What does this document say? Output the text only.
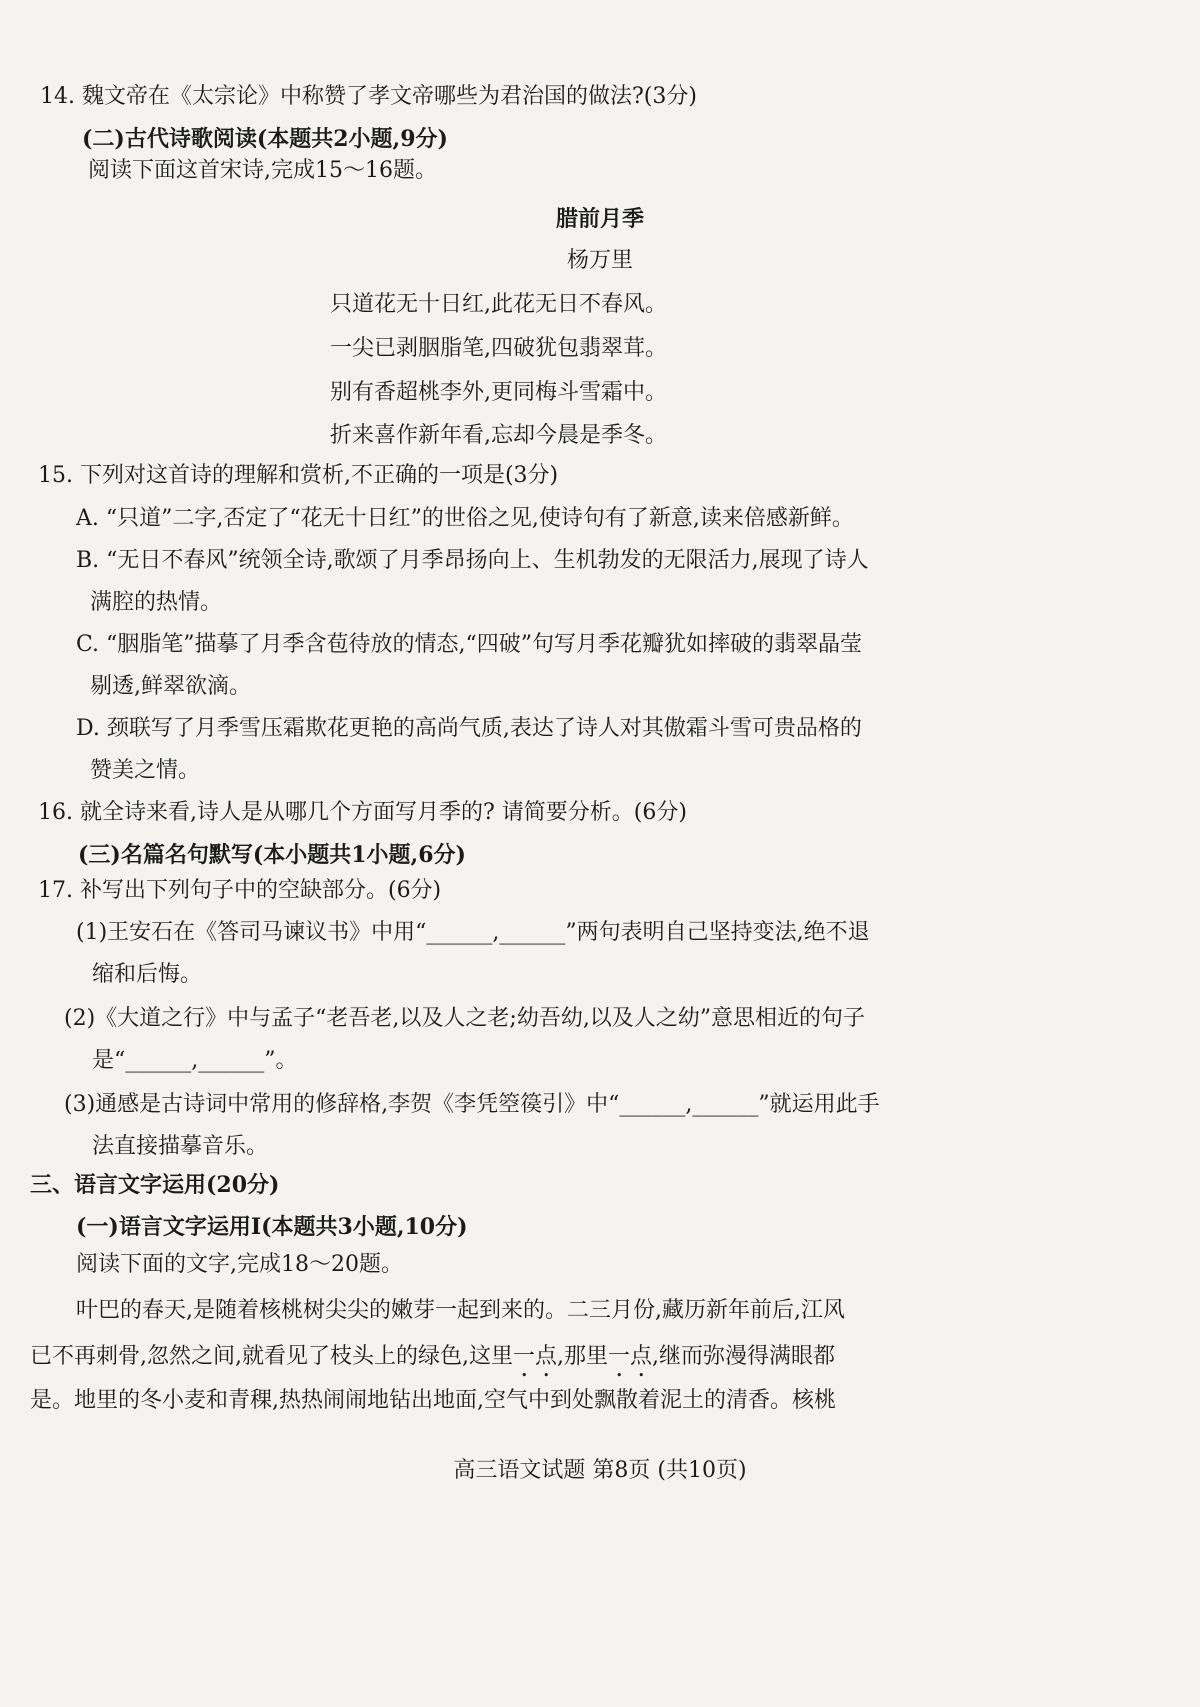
14. 魏文帝在《太宗论》中称赞了孝文帝哪些为君治国的做法?(3分)
(二)古代诗歌阅读(本题共2小题,9分)
阅读下面这首宋诗,完成15～16题。
腊前月季
杨万里
只道花无十日红,此花无日不春风。
一尖已剥胭脂笔,四破犹包翡翠茸。
别有香超桃李外,更同梅斗雪霜中。
折来喜作新年看,忘却今晨是季冬。
15. 下列对这首诗的理解和赏析,不正确的一项是(3分)
A. “只道”二字,否定了“花无十日红”的世俗之见,使诗句有了新意,读来倍感新鲜。
B. “无日不春风”统领全诗,歌颂了月季昂扬向上、生机勃发的无限活力,展现了诗人
满腔的热情。
C. “胭脂笔”描摹了月季含苞待放的情态,“四破”句写月季花瓣犹如摔破的翡翠晶莹
剔透,鲜翠欲滴。
D. 颈联写了月季雪压霜欺花更艳的高尚气质,表达了诗人对其傲霜斗雪可贵品格的
赞美之情。
16. 就全诗来看,诗人是从哪几个方面写月季的? 请简要分析。(6分)
(三)名篇名句默写(本小题共1小题,6分)
17. 补写出下列句子中的空缺部分。(6分)
(1)王安石在《答司马谏议书》中用“______,______”两句表明自己坚持变法,绝不退
缩和后悔。
(2)《大道之行》中与孟子“老吾老,以及人之老;幼吾幼,以及人之幼”意思相近的句子
是“______,______”。
(3)通感是古诗词中常用的修辞格,李贺《李凭箜篌引》中“______,______”就运用此手
法直接描摹音乐。
三、语言文字运用(20分)
(一)语言文字运用Ⅰ(本题共3小题,10分)
阅读下面的文字,完成18～20题。
叶巴的春天,是随着核桃树尖尖的嫩芽一起到来的。二三月份,藏历新年前后,江风
已不再刺骨,忽然之间,就看见了枝头上的绿色,这里一点,那里一点,继而弥漫得满眼都
是。地里的冬小麦和青稞,热热闹闹地钻出地面,空气中到处飘散着泥土的清香。核桃
高三语文试题 第8页 (共10页)
